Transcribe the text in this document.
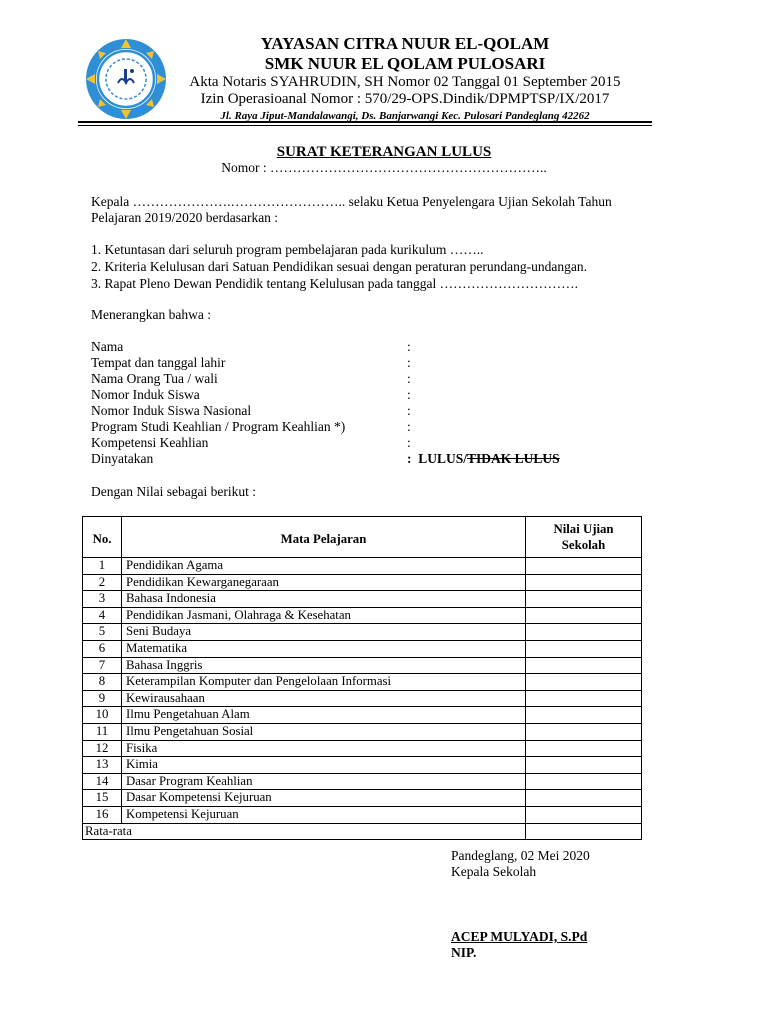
YAYASAN CITRA NUUR EL-QOLAM
SMK NUUR EL QOLAM PULOSARI
Akta Notaris SYAHRUDIN, SH Nomor 02 Tanggal 01 September 2015
Izin Operasioanal Nomor : 570/29-OPS.Dindik/DPMPTSP/IX/2017
Jl. Raya Jiput-Mandalawangi, Ds. Banjarwangi Kec. Pulosari Pandeglang 42262
SURAT KETERANGAN LULUS
Nomor : ……………………………………………………..
Kepala ………………….…………………….. selaku Ketua Penyelengara Ujian Sekolah Tahun
Pelajaran 2019/2020 berdasarkan :
1. Ketuntasan dari seluruh program pembelajaran pada kurikulum ……..
2. Kriteria Kelulusan dari Satuan Pendidikan sesuai dengan peraturan perundang-undangan.
3. Rapat Pleno Dewan Pendidik tentang Kelulusan pada tanggal ………………………….
Menerangkan bahwa :
Nama	:
Tempat dan tanggal lahir	:
Nama Orang Tua / wali	:
Nomor Induk Siswa	:
Nomor Induk Siswa Nasional	:
Program Studi Keahlian / Program Keahlian *)	:
Kompetensi Keahlian	:
Dinyatakan	: LULUS/TIDAK LULUS
Dengan Nilai sebagai berikut :
No.	Mata Pelajaran	Nilai Ujian
Sekolah

1	Pendidikan Agama	
2	Pendidikan Kewarganegaraan	
3	Bahasa Indonesia	
4	Pendidikan Jasmani, Olahraga & Kesehatan	
5	Seni Budaya	
6	Matematika	
7	Bahasa Inggris	
8	Keterampilan Komputer dan Pengelolaan Informasi	
9	Kewirausahaan	
10	Ilmu Pengetahuan Alam	
11	Ilmu Pengetahuan Sosial	
12	Fisika	
13	Kimia	
14	Dasar Program Keahlian	
15	Dasar Kompetensi Kejuruan	
16	Kompetensi Kejuruan	
Rata-rata		
Pandeglang, 02 Mei 2020
Kepala Sekolah
ACEP MULYADI, S.Pd
NIP.
